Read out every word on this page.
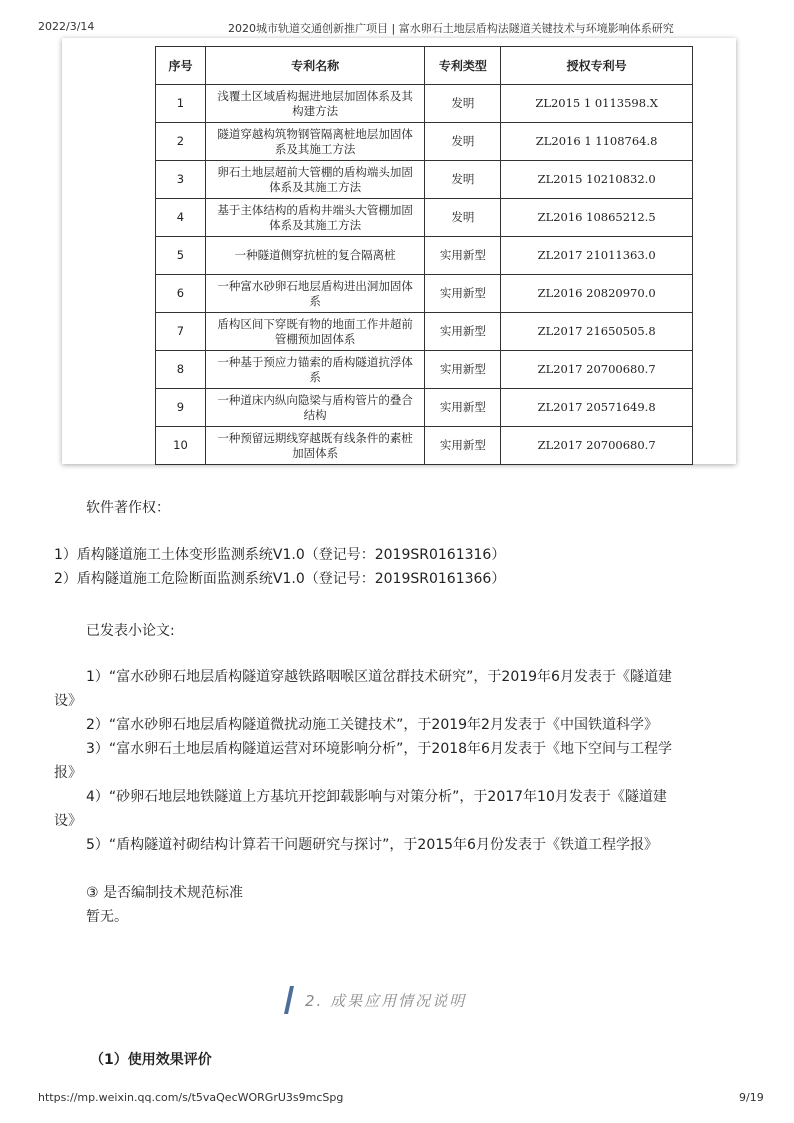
2022/3/14	2020城市轨道交通创新推广项目 | 富水卵石土地层盾构法隧道关键技术与环境影响体系研究
序号	专利名称	专利类型	授权专利号
1	浅覆土区域盾构掘进地层加固体系及其构建方法	发明	ZL2015 1 0113598.X
2	隧道穿越构筑物钢管隔离桩地层加固体系及其施工方法	发明	ZL2016 1 1108764.8
3	卵石土地层超前大管棚的盾构端头加固体系及其施工方法	发明	ZL2015 10210832.0
4	基于主体结构的盾构井端头大管棚加固体系及其施工方法	发明	ZL2016 10865212.5
5	一种隧道侧穿抗桩的复合隔离桩	实用新型	ZL2017 21011363.0
6	一种富水砂卵石地层盾构进出洞加固体系	实用新型	ZL2016 20820970.0
7	盾构区间下穿既有物的地面工作井超前管棚预加固体系	实用新型	ZL2017 21650505.8
8	一种基于预应力锚索的盾构隧道抗浮体系	实用新型	ZL2017 20700680.7
9	一种道床内纵向隐梁与盾构管片的叠合结构	实用新型	ZL2017 20571649.8
10	一种预留远期线穿越既有线条件的素桩加固体系	实用新型	ZL2017 20700680.7
软件著作权：
1）盾构隧道施工土体变形监测系统V1.0（登记号：2019SR0161316）
2）盾构隧道施工危险断面监测系统V1.0（登记号：2019SR0161366）
已发表小论文:
1）“富水砂卵石地层盾构隧道穿越铁路咽喉区道岔群技术研究”，于2019年6月发表于《隧道建
设》
2）“富水砂卵石地层盾构隧道微扰动施工关键技术”，于2019年2月发表于《中国铁道科学》
3）“富水卵石土地层盾构隧道运营对环境影响分析”，于2018年6月发表于《地下空间与工程学
报》
4）“砂卵石地层地铁隧道上方基坑开挖卸载影响与对策分析”，于2017年10月发表于《隧道建
设》
5）“盾构隧道衬砌结构计算若干问题研究与探讨”，于2015年6月份发表于《铁道工程学报》
③ 是否编制技术规范标准
暂无。
2. 成果应用情况说明
（1）使用效果评价
https://mp.weixin.qq.com/s/t5vaQecWORGrU3s9mcSpg	9/19
